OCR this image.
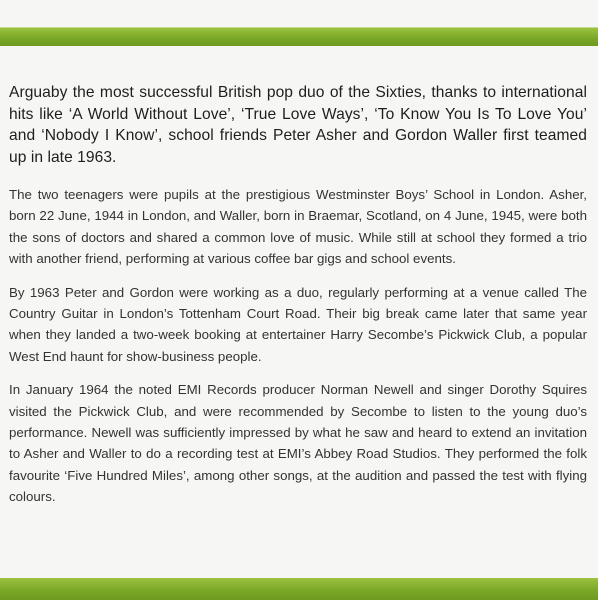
Arguaby the most successful British pop duo of the Sixties, thanks to international hits like ‘A World Without Love’, ‘True Love Ways’, ‘To Know You Is To Love You’ and ‘Nobody I Know’, school friends Peter Asher and Gordon Waller first teamed up in late 1963.

The two teenagers were pupils at the prestigious Westminster Boys’ School in London. Asher, born 22 June, 1944 in London, and Waller, born in Braemar, Scotland, on 4 June, 1945, were both the sons of doctors and shared a common love of music. While still at school they formed a trio with another friend, performing at various coffee bar gigs and school events.

By 1963 Peter and Gordon were working as a duo, regularly performing at a venue called The Country Guitar in London’s Tottenham Court Road. Their big break came later that same year when they landed a two-week booking at entertainer Harry Secombe’s Pickwick Club, a popular West End haunt for show-business people.

In January 1964 the noted EMI Records producer Norman Newell and singer Dorothy Squires visited the Pickwick Club, and were recommended by Secombe to listen to the young duo’s performance. Newell was sufficiently impressed by what he saw and heard to extend an invitation to Asher and Waller to do a recording test at EMI’s Abbey Road Studios. They performed the folk favourite ‘Five Hundred Miles’, among other songs, at the audition and passed the test with flying colours.
